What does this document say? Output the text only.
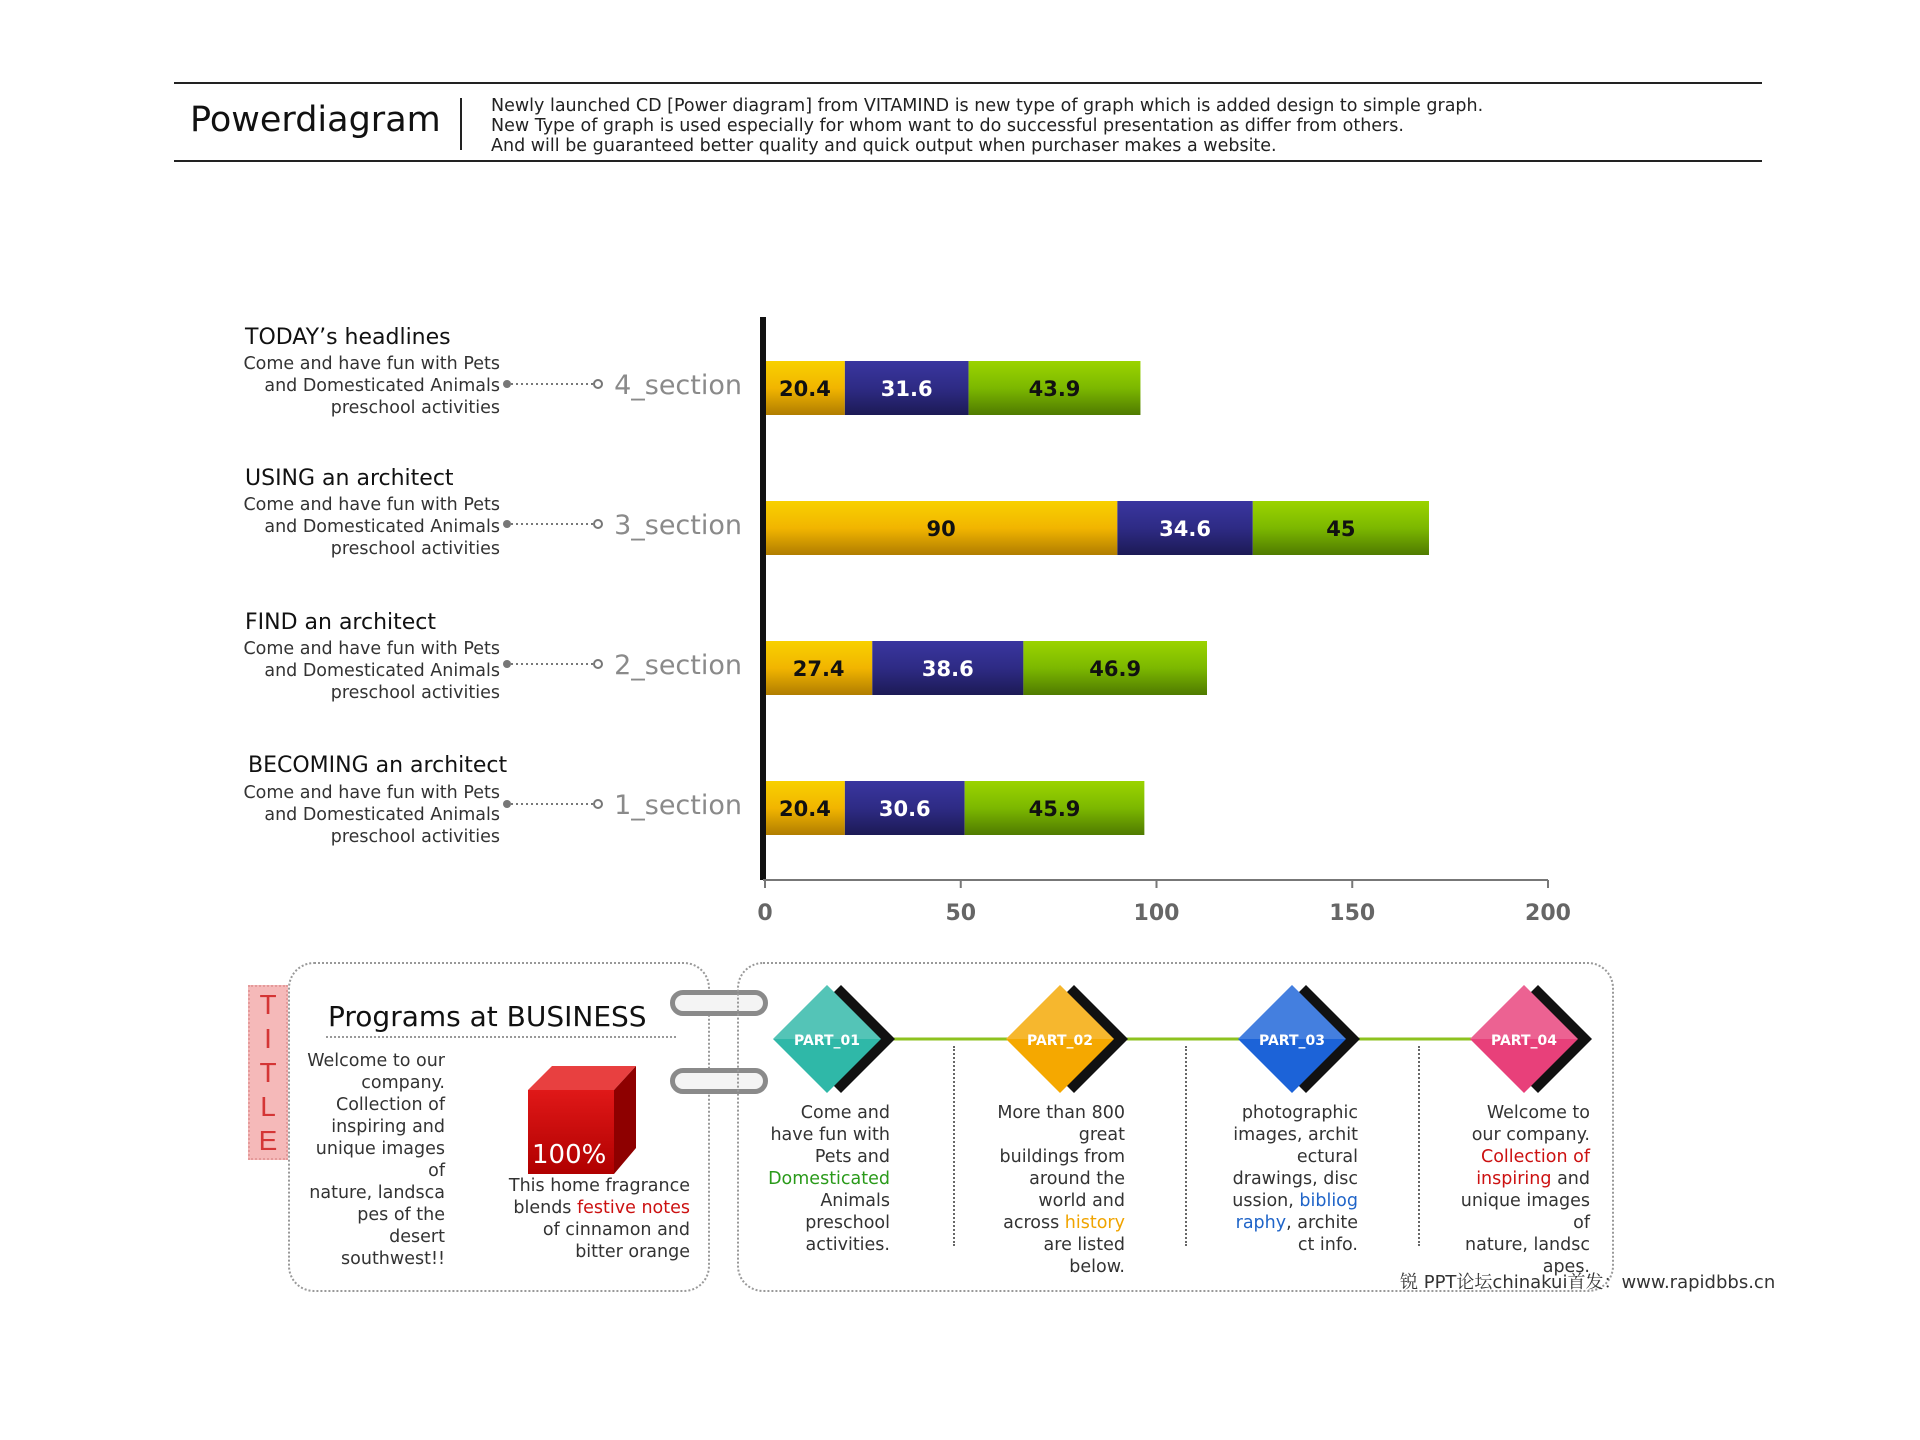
Powerdiagram	Newly launched CD [Power diagram] from VITAMIND is new type of graph which is added design to simple graph.
New Type of graph is used especially for whom want to do successful presentation as differ from others.
And will be guaranteed better quality and quick output when purchaser makes a website.
TODAY’s headlines
Come and have fun with Pets
and Domesticated Animals
preschool activities
4_section
USING an architect
Come and have fun with Pets
and Domesticated Animals
preschool activities
3_section
FIND an architect
Come and have fun with Pets
and Domesticated Animals
preschool activities
2_section
BECOMING an architect
Come and have fun with Pets
and Domesticated Animals
preschool activities
1_section
20.4 31.6	43.9
90	34.6	45
27.4	38.6	46.9
20.4 30.6	45.9
0	50	100	150	200
T
I
T
L
E
Programs at BUSINESS
Welcome to our
company.
Collection of
inspiring and
unique images
of
nature, landsca
pes of the
desert
southwest!!
100%
This home fragrance
blends festive notes
of cinnamon and
bitter orange
PART_01	PART_02	PART_03	PART_04
Come and
have fun with
Pets and
Domesticated
Animals
preschool
activities.
More than 800
great
buildings from
around the
world and
across history
are listed
below.
photographic
images, archit
ectural
drawings, disc
ussion, bibliog
raphy, archite
ct info.
Welcome to
our company.
Collection of
inspiring and
unique images
of
nature, landsc
apes.
锐 PPT论坛chinakui首发：www.rapidbbs.cn
